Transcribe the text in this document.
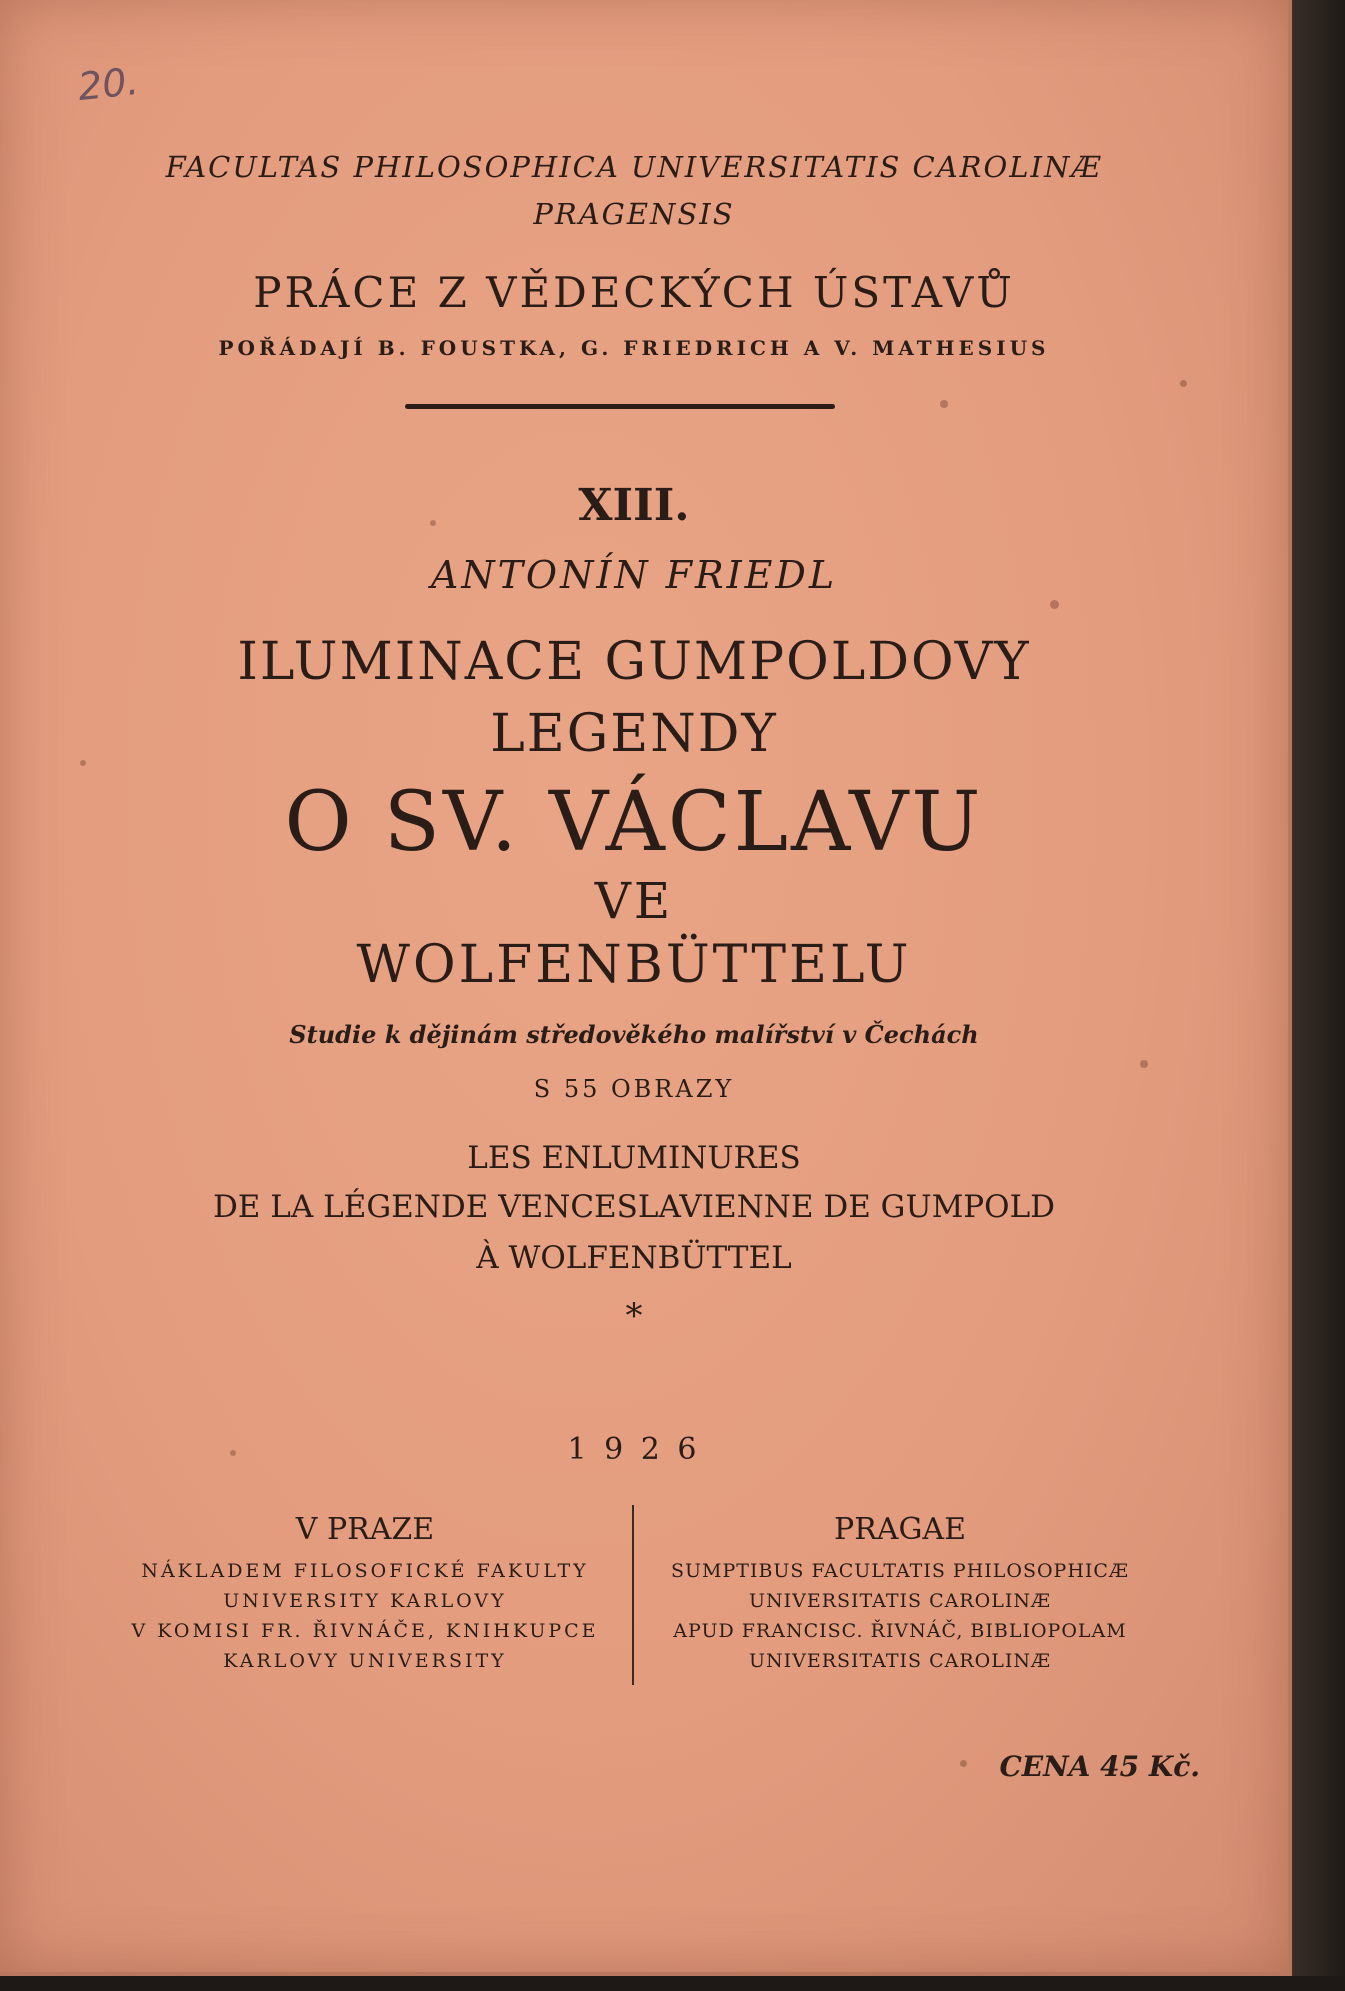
20.

FACULTAS PHILOSOPHICA UNIVERSITATIS CAROLINÆ

PRAGENSIS

PRÁCE Z VĚDECKÝCH ÚSTAVŮ

POŘÁDAJÍ B. FOUSTKA, G. FRIEDRICH A V. MATHESIUS

XIII.

ANTONÍN FRIEDL

ILUMINACE GUMPOLDOVY

LEGENDY

O SV. VÁCLAVU

VE

WOLFENBÜTTELU

Studie k dějinám středověkého malířství v Čechách

S 55 OBRAZY

LES ENLUMINURES

DE LA LÉGENDE VENCESLAVIENNE DE GUMPOLD

À WOLFENBÜTTEL

*

1 9 2 6

V PRAZE

NÁKLADEM FILOSOFICKÉ FAKULTY

UNIVERSITY KARLOVY

V KOMISI FR. ŘIVNÁČE, KNIHKUPCE

KARLOVY UNIVERSITY

PRAGAE

SUMPTIBUS FACULTATIS PHILOSOPHICÆ

UNIVERSITATIS CAROLINÆ

APUD FRANCISC. ŘIVNÁČ, BIBLIOPOLAM

UNIVERSITATIS CAROLINÆ

CENA 45 Kč.
